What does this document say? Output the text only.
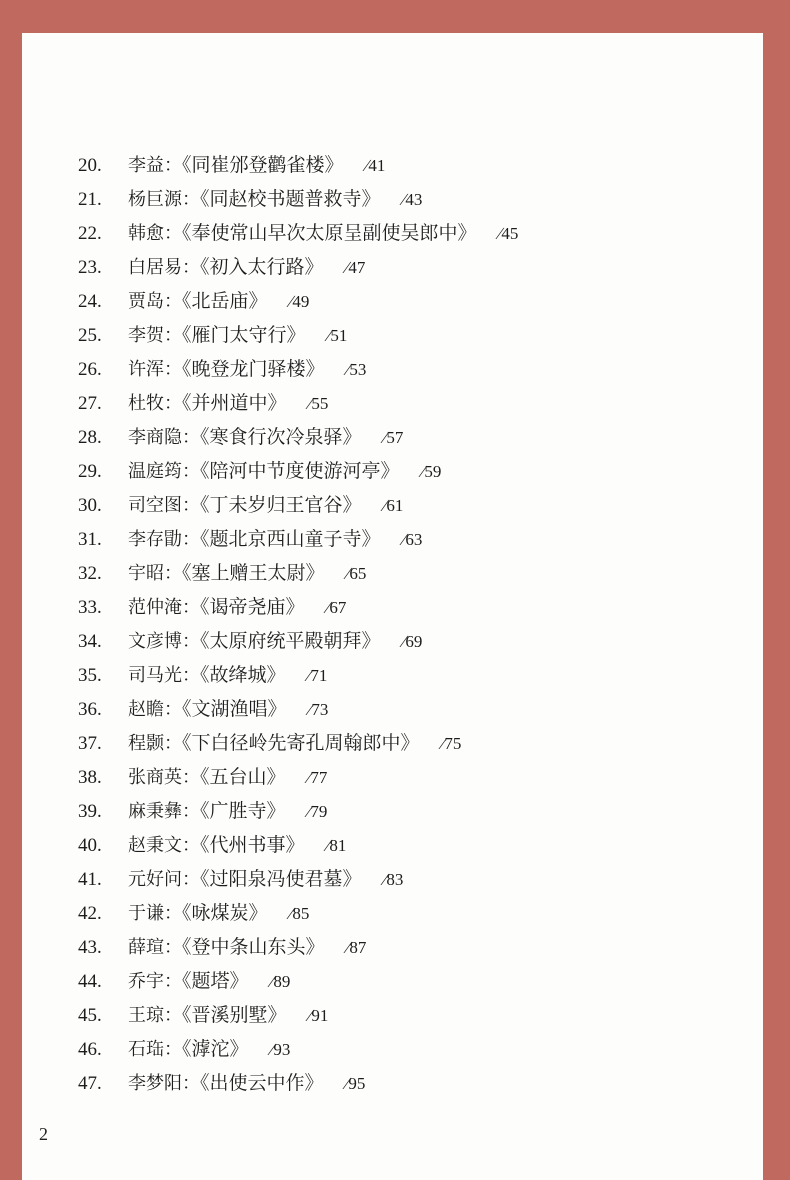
20. 李益：《同崔邠登鹳雀楼》 ∕41
21. 杨巨源：《同赵校书题普救寺》 ∕43
22. 韩愈：《奉使常山早次太原呈副使吴郎中》 ∕45
23. 白居易：《初入太行路》 ∕47
24. 贾岛：《北岳庙》 ∕49
25. 李贺：《雁门太守行》 ∕51
26. 许浑：《晚登龙门驿楼》 ∕53
27. 杜牧：《并州道中》 ∕55
28. 李商隐：《寒食行次冷泉驿》 ∕57
29. 温庭筠：《陪河中节度使游河亭》 ∕59
30. 司空图：《丁未岁归王官谷》 ∕61
31. 李存勖：《题北京西山童子寺》 ∕63
32. 宇昭：《塞上赠王太尉》 ∕65
33. 范仲淹：《谒帝尧庙》 ∕67
34. 文彦博：《太原府统平殿朝拜》 ∕69
35. 司马光：《故绛城》 ∕71
36. 赵瞻：《文湖渔唱》 ∕73
37. 程颢：《下白径岭先寄孔周翰郎中》 ∕75
38. 张商英：《五台山》 ∕77
39. 麻秉彝：《广胜寺》 ∕79
40. 赵秉文：《代州书事》 ∕81
41. 元好问：《过阳泉冯使君墓》 ∕83
42. 于谦：《咏煤炭》 ∕85
43. 薛瑄：《登中条山东头》 ∕87
44. 乔宇：《题塔》 ∕89
45. 王琼：《晋溪别墅》 ∕91
46. 石珤：《滹沱》 ∕93
47. 李梦阳：《出使云中作》 ∕95
2
